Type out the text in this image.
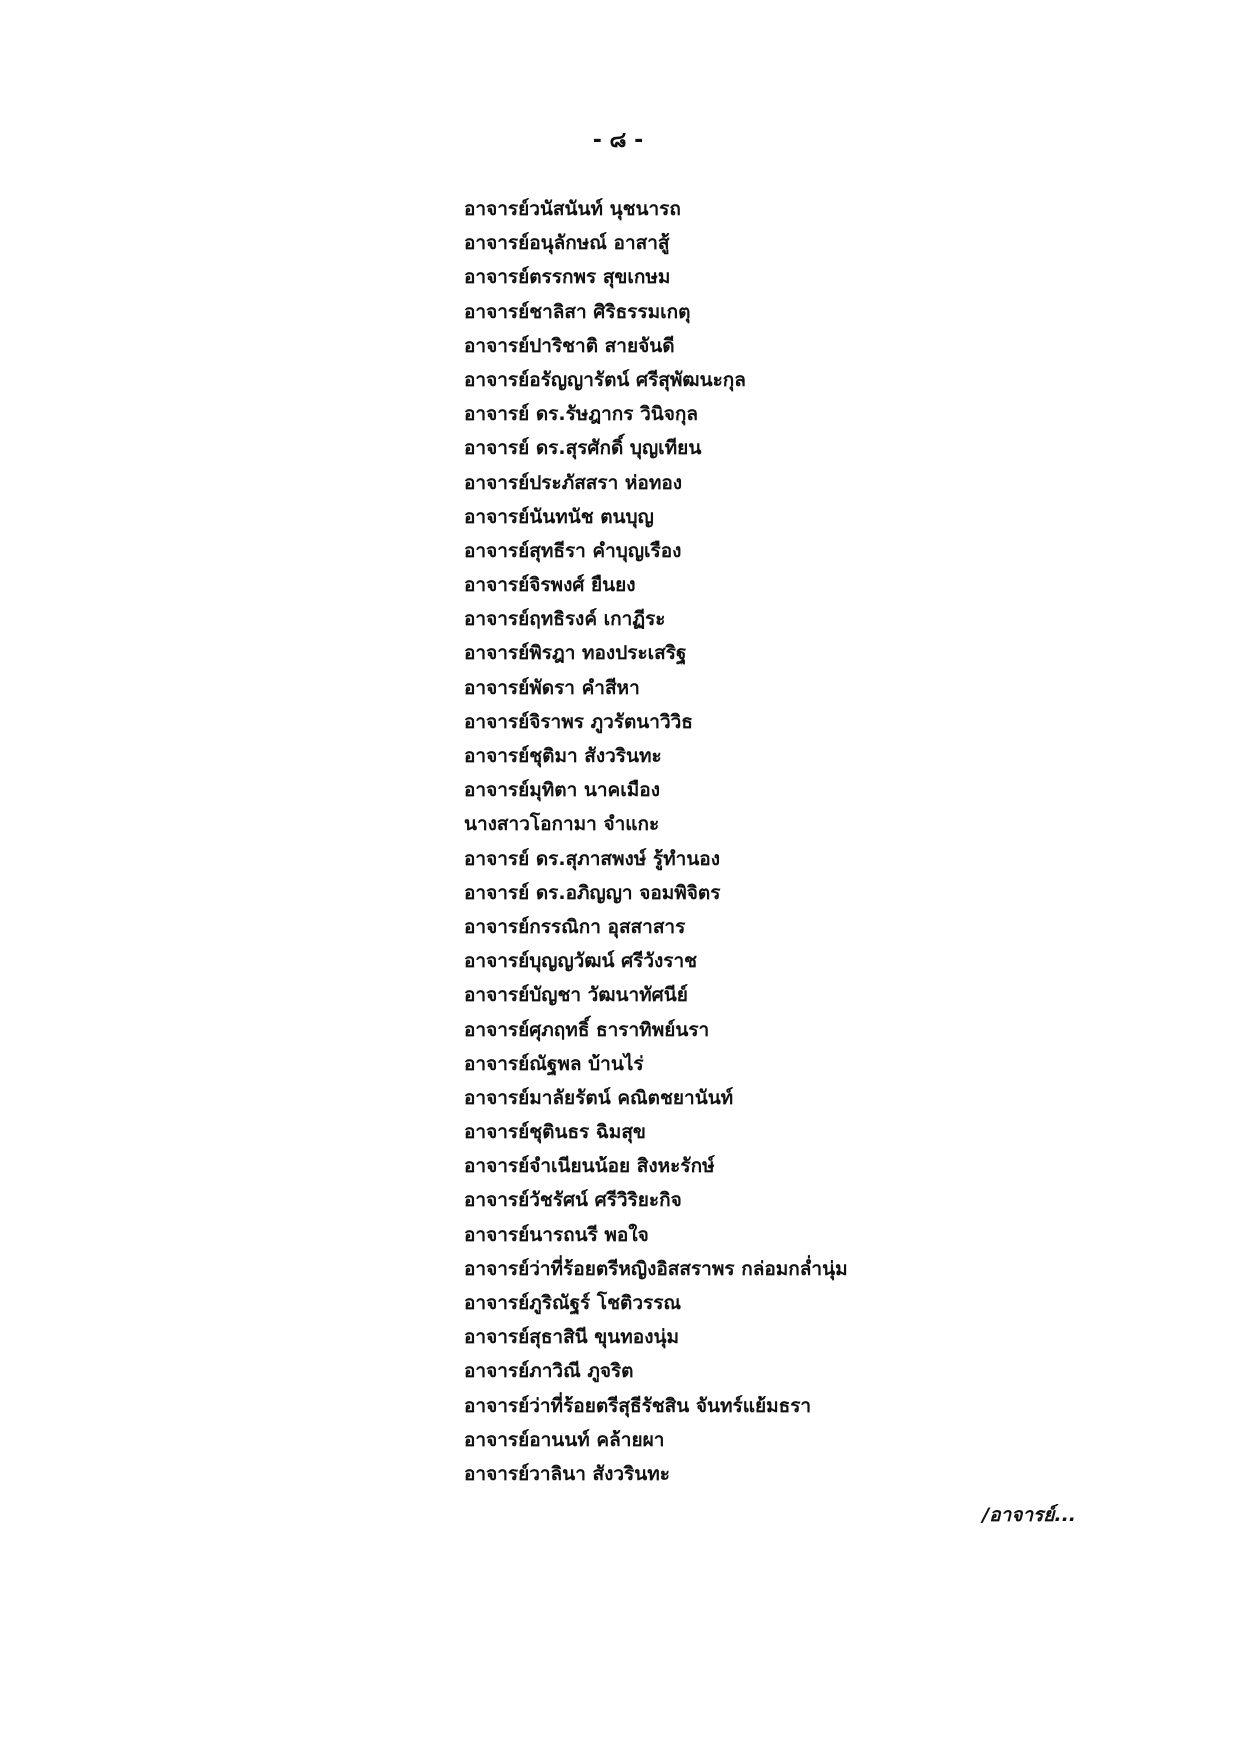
- ๘ -
อาจารย์วนัสนันท์ นุชนารถ
อาจารย์อนุลักษณ์ อาสาสู้
อาจารย์ตรรกพร สุขเกษม
อาจารย์ชาลิสา ศิริธรรมเกตุ
อาจารย์ปาริชาติ สายจันดี
อาจารย์อรัญญารัตน์ ศรีสุพัฒนะกุล
อาจารย์ ดร.รัษฎากร วินิจกุล
อาจารย์ ดร.สุรศักดิ์ บุญเทียน
อาจารย์ประภัสสรา ห่อทอง
อาจารย์นันทนัช ตนบุญ
อาจารย์สุทธีรา คำบุญเรือง
อาจารย์จิรพงศ์ ยืนยง
อาจารย์ฤทธิรงค์ เกาฏีระ
อาจารย์พิรฎา ทองประเสริฐ
อาจารย์พัดรา คำสีหา
อาจารย์จิราพร ภูวรัตนาวิวิธ
อาจารย์ชุติมา สังวรินทะ
อาจารย์มุทิตา นาคเมือง
นางสาวโอกามา จำแกะ
อาจารย์ ดร.สุภาสพงษ์ รู้ทำนอง
อาจารย์ ดร.อภิญญา จอมพิจิตร
อาจารย์กรรณิกา อุสสาสาร
อาจารย์บุญญวัฒน์ ศรีวังราช
อาจารย์บัญชา วัฒนาทัศนีย์
อาจารย์ศุภฤทธิ์ ธาราทิพย์นรา
อาจารย์ณัฐพล บ้านไร่
อาจารย์มาลัยรัตน์ คณิตชยานันท์
อาจารย์ชุตินธร ฉิมสุข
อาจารย์จำเนียนน้อย สิงหะรักษ์
อาจารย์วัชรัศน์ ศรีวิริยะกิจ
อาจารย์นารถนรี พอใจ
อาจารย์ว่าที่ร้อยตรีหญิงอิสสราพร กล่อมกล่ำนุ่ม
อาจารย์ภูริณัฐร์ โชติวรรณ
อาจารย์สุธาสินี ขุนทองนุ่ม
อาจารย์ภาวิณี ภูจริต
อาจารย์ว่าที่ร้อยตรีสุธีรัชสิน จันทร์แย้มธรา
อาจารย์อานนท์ คล้ายผา
อาจารย์วาลินา สังวรินทะ
/อาจารย์...
